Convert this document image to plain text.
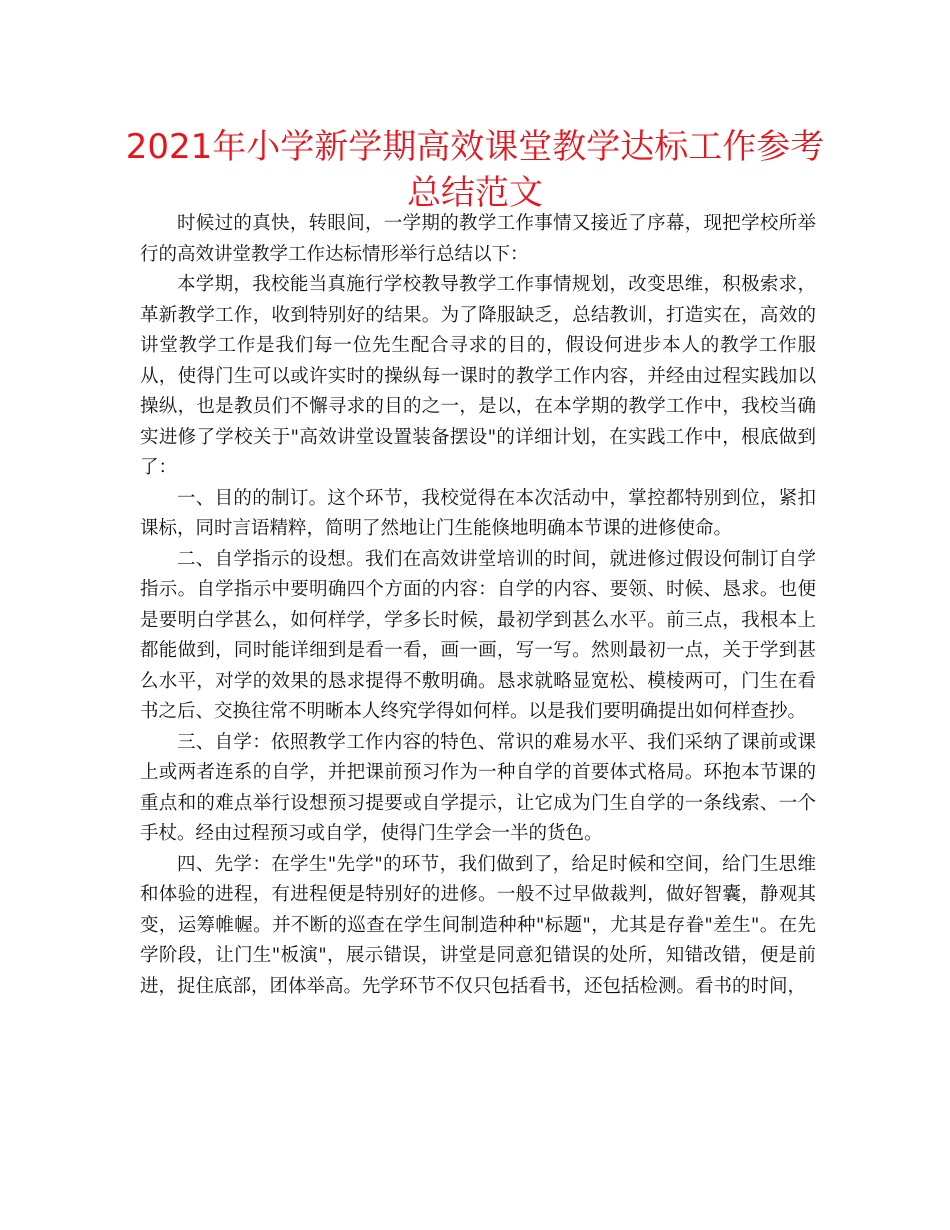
2021年小学新学期高效课堂教学达标工作参考总结范文

时候过的真快，转眼间，一学期的教学工作事情又接近了序幕，现把学校所举行的高效讲堂教学工作达标情形举行总结以下：

本学期，我校能当真施行学校教导教学工作事情规划，改变思维，积极索求，革新教学工作，收到特别好的结果。为了降服缺乏，总结教训，打造实在，高效的讲堂教学工作是我们每一位先生配合寻求的目的，假设何进步本人的教学工作服从，使得门生可以或许实时的操纵每一课时的教学工作内容，并经由过程实践加以操纵，也是教员们不懈寻求的目的之一，是以，在本学期的教学工作中，我校当确实进修了学校关于"高效讲堂设置装备摆设"的详细计划，在实践工作中，根底做到了：

一、目的的制订。这个环节，我校觉得在本次活动中，掌控都特别到位，紧扣课标，同时言语精粹，简明了然地让门生能倏地明确本节课的进修使命。

二、自学指示的设想。我们在高效讲堂培训的时间，就进修过假设何制订自学指示。自学指示中要明确四个方面的内容：自学的内容、要领、时候、恳求。也便是要明白学甚么，如何样学，学多长时候，最初学到甚么水平。前三点，我根本上都能做到，同时能详细到是看一看，画一画，写一写。然则最初一点，关于学到甚么水平，对学的效果的恳求提得不敷明确。恳求就略显宽松、模棱两可，门生在看书之后、交换往常不明晰本人终究学得如何样。以是我们要明确提出如何样查抄。

三、自学：依照教学工作内容的特色、常识的难易水平、我们采纳了课前或课上或两者连系的自学，并把课前预习作为一种自学的首要体式格局。环抱本节课的重点和的难点举行设想预习提要或自学提示，让它成为门生自学的一条线索、一个手杖。经由过程预习或自学，使得门生学会一半的货色。

四、先学：在学生"先学"的环节，我们做到了，给足时候和空间，给门生思维和体验的进程，有进程便是特别好的进修。一般不过早做裁判，做好智囊，静观其变，运筹帷幄。并不断的巡查在学生间制造种种"标题"，尤其是存眷"差生"。在先学阶段，让门生"板演"，展示错误，讲堂是同意犯错误的处所，知错改错，便是前进，捉住底部，团体举高。先学环节不仅只包括看书，还包括检测。看书的时间，
